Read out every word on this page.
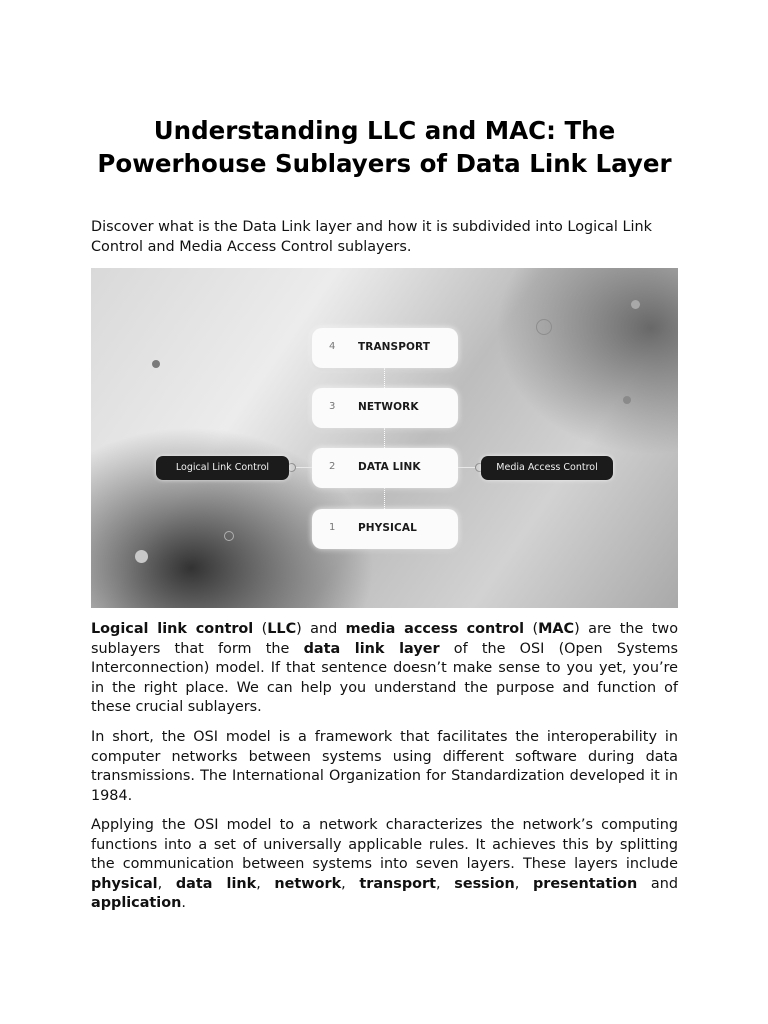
Understanding LLC and MAC: The Powerhouse Sublayers of Data Link Layer

Discover what is the Data Link layer and how it is subdivided into Logical Link Control and Media Access Control sublayers.

4 TRANSPORT
3 NETWORK
2 DATA LINK
1 PHYSICAL
Logical Link Control	Media Access Control

Logical link control (LLC) and media access control (MAC) are the two sublayers that form the data link layer of the OSI (Open Systems Interconnection) model. If that sentence doesn’t make sense to you yet, you’re in the right place. We can help you understand the purpose and function of these crucial sublayers.

In short, the OSI model is a framework that facilitates the interoperability in computer networks between systems using different software during data transmissions. The International Organization for Standardization developed it in 1984.

Applying the OSI model to a network characterizes the network’s computing functions into a set of universally applicable rules. It achieves this by splitting the communication between systems into seven layers. These layers include physical, data link, network, transport, session, presentation and application.
